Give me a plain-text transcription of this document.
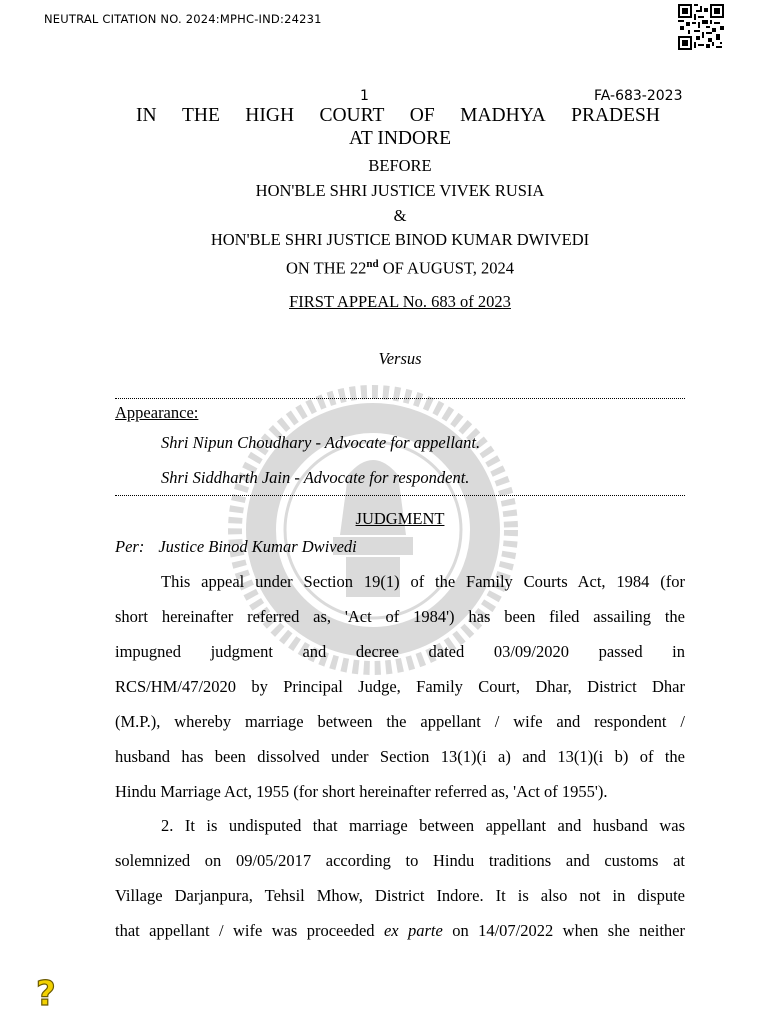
NEUTRAL CITATION NO. 2024:MPHC-IND:24231
1	FA-683-2023
IN THE HIGH COURT OF MADHYA PRADESH
AT INDORE
BEFORE
HON'BLE SHRI JUSTICE VIVEK RUSIA
&
HON'BLE SHRI JUSTICE BINOD KUMAR DWIVEDI
ON THE 22nd OF AUGUST, 2024
FIRST APPEAL No. 683 of 2023
Versus
Appearance:
Shri Nipun Choudhary - Advocate for appellant.
Shri Siddharth Jain - Advocate for respondent.
JUDGMENT
Per: Justice Binod Kumar Dwivedi
This appeal under Section 19(1) of the Family Courts Act, 1984 (for
short hereinafter referred as, 'Act of 1984') has been filed assailing the
impugned judgment and decree dated 03/09/2020 passed in
RCS/HM/47/2020 by Principal Judge, Family Court, Dhar, District Dhar
(M.P.), whereby marriage between the appellant / wife and respondent /
husband has been dissolved under Section 13(1)(i a) and 13(1)(i b) of the
Hindu Marriage Act, 1955 (for short hereinafter referred as, 'Act of 1955').
2. It is undisputed that marriage between appellant and husband was
solemnized on 09/05/2017 according to Hindu traditions and customs at
Village Darjanpura, Tehsil Mhow, District Indore. It is also not in dispute
that appellant / wife was proceeded ex parte on 14/07/2022 when she neither
?
